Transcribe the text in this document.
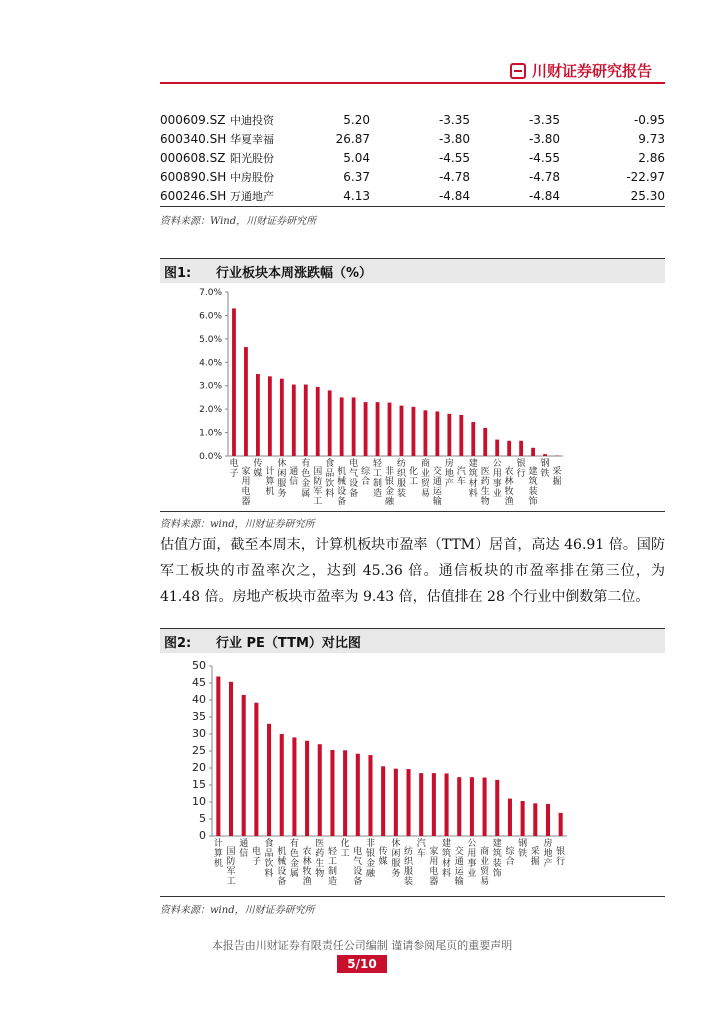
川财证券研究报告
000609.SZ	中迪投资	5.20	-3.35	-3.35	-0.95
600340.SH	华夏幸福	26.87	-3.80	-3.80	9.73
000608.SZ	阳光股份	5.04	-4.55	-4.55	2.86
600890.SH	中房股份	6.37	-4.78	-4.78	-22.97
600246.SH	万通地产	4.13	-4.84	-4.84	25.30
资料来源：Wind，川财证券研究所
图1:	行业板块本周涨跌幅（%）
0.0%
1.0%
2.0%
3.0%
4.0%
5.0%
6.0%
7.0%
电子 家用电器
传媒 计算机
休闲服务
通信
有色金属
国防军工
食品饮料
机械设备
电气设备
综合
轻工制造
非银金融
纺织服装
化工
商业贸易
交通运输
房地产
汽车
建筑材料
医药生物
公用事业
农林牧渔
银行 建筑装饰
钢铁 采掘
资料来源：wind，川财证券研究所
估值方面，截至本周末，计算机板块市盈率（TTM）居首，高达 46.91 倍。国防军工板块的市盈率次之，达到 45.36 倍。通信板块的市盈率排在第三位，为 41.48 倍。房地产板块市盈率为 9.43 倍，估值排在 28 个行业中倒数第二位。
图2:	行业 PE（TTM）对比图
0
5
10
15
20
25
30
35
40
45
50
计算机
国防军工
通信 电子
食品饮料
机械设备
有色金属
农林牧渔
医药生物
轻工制造
化工 电气设备
非银金融
传媒
休闲服务
纺织服装
汽车 家用电器
建筑材料
交通运输
公用事业
商业贸易
建筑装饰
综合
钢铁 采掘
房地产
银行
资料来源：wind，川财证券研究所
本报告由川财证券有限责任公司编制 谨请参阅尾页的重要声明
5/10
